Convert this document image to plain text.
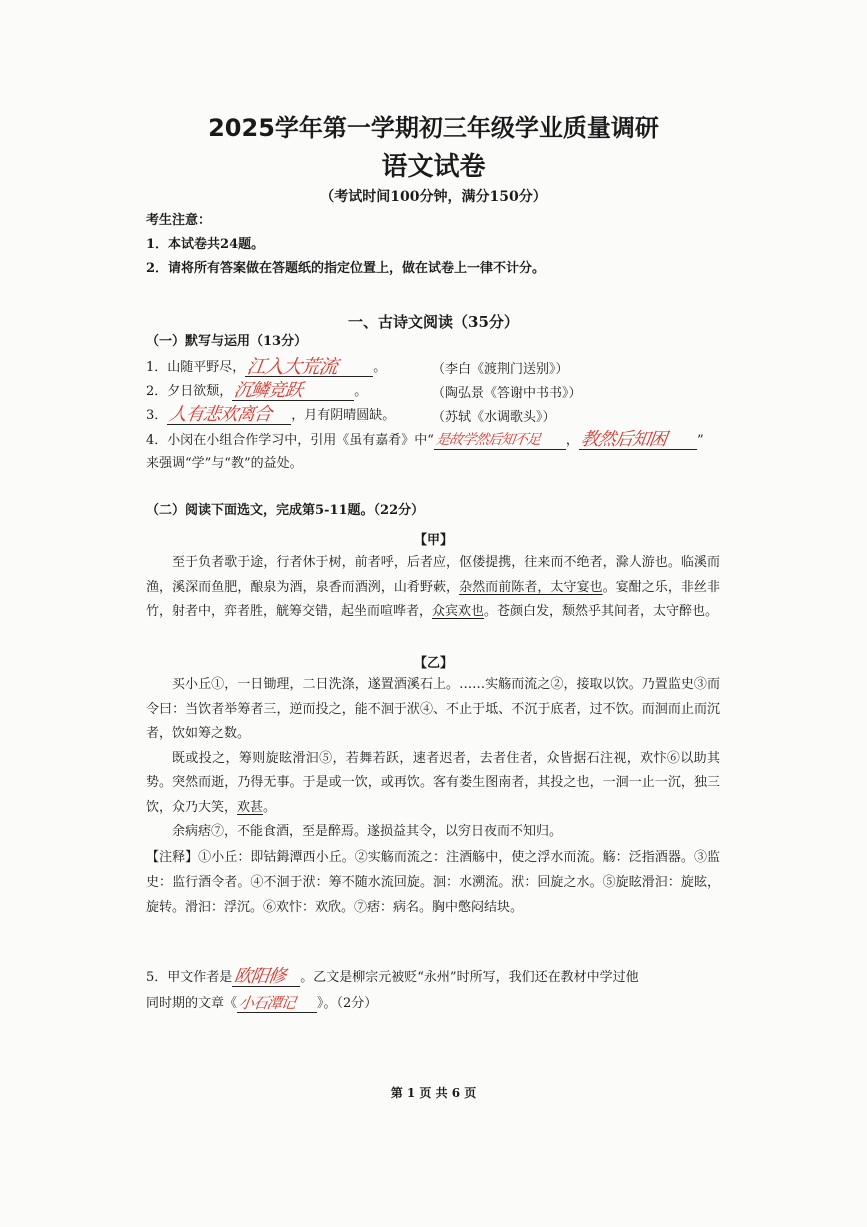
2025学年第一学期初三年级学业质量调研
语文试卷
（考试时间100分钟，满分150分）
考生注意：
1．本试卷共24题。
2．请将所有答案做在答题纸的指定位置上，做在试卷上一律不计分。
一、古诗文阅读（35分）
（一）默写与运用（13分）
1．山随平野尽， 江入大荒流	。	（李白《渡荆门送别》）
2．夕日欲颓， 沉鳞竞跃	。	（陶弘景《答谢中书书》）
3． 人有悲欢离合 ，月有阴晴圆缺。	（苏轼《水调歌头》）
4．小闵在小组合作学习中，引用《虽有嘉肴》中“ 是故学然后知不足 ， 教然后知困 ”
来强调“学”与“教”的益处。
（二）阅读下面选文，完成第5-11题。（22分）
【甲】

至于负者歌于途，行者休于树，前者呼，后者应，伛偻提携，往来而不绝者，滁人游也。临溪而渔，溪深而鱼肥，酿泉为酒，泉香而酒洌，山肴野蔌，杂然而前陈者，太守宴也。宴酣之乐，非丝非竹，射者中，弈者胜，觥筹交错，起坐而喧哗者，众宾欢也。苍颜白发，颓然乎其间者，太守醉也。

【乙】

买小丘①，一日锄理，二日洗涤，遂置酒溪石上。……实觞而流之②，接取以饮。乃置监史③而令曰：当饮者举筹者三，逆而投之，能不洄于洑④、不止于坻、不沉于底者，过不饮。而洄而止而沉者，饮如筹之数。

既或投之，筹则旋眩滑汩⑤，若舞若跃，速者迟者，去者住者，众皆据石注视，欢忭⑥以助其势。突然而逝，乃得无事。于是或一饮，或再饮。客有娄生图南者，其投之也，一洄一止一沉，独三饮，众乃大笑，欢甚。

余病痞⑦，不能食酒，至是醉焉。遂损益其令，以穷日夜而不知归。

【注释】①小丘：即钴鉧潭西小丘。②实觞而流之：注酒觞中，使之浮水而流。觞：泛指酒器。③监史：监行酒令者。④不洄于洑：筹不随水流回旋。洄：水溯流。洑：回旋之水。⑤旋眩滑汩：旋眩，旋转。滑汩：浮沉。⑥欢忭：欢欣。⑦痞：病名。胸中憋闷结块。
5．甲文作者是 欧阳修 。乙文是柳宗元被贬“永州”时所写，我们还在教材中学过他
同时期的文章《 小石潭记 》。（2分）
第 1 页 共 6 页
